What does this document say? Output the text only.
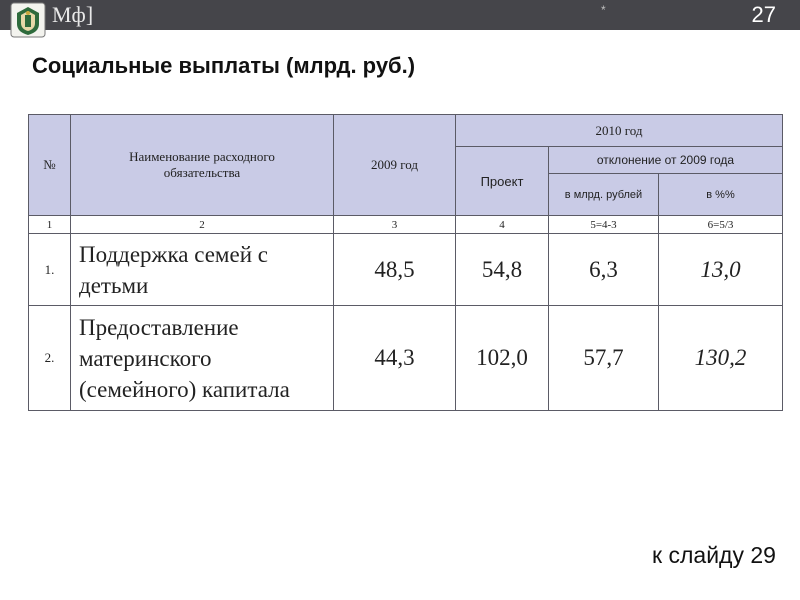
Мф]	*	27
Социальные выплаты (млрд. руб.)
№	Наименование расходного обязательства	2009 год	2010 год		
			Проект	отклонение от 2009 года	
				в млрд. рублей	в %%
1	2	3	4	5=4-3	6=5/3
1.	Поддержка семей с детьми	48,5	54,8	6,3	13,0
2.	Предоставление материнского (семейного) капитала	44,3	102,0	57,7	130,2
к слайду 29
